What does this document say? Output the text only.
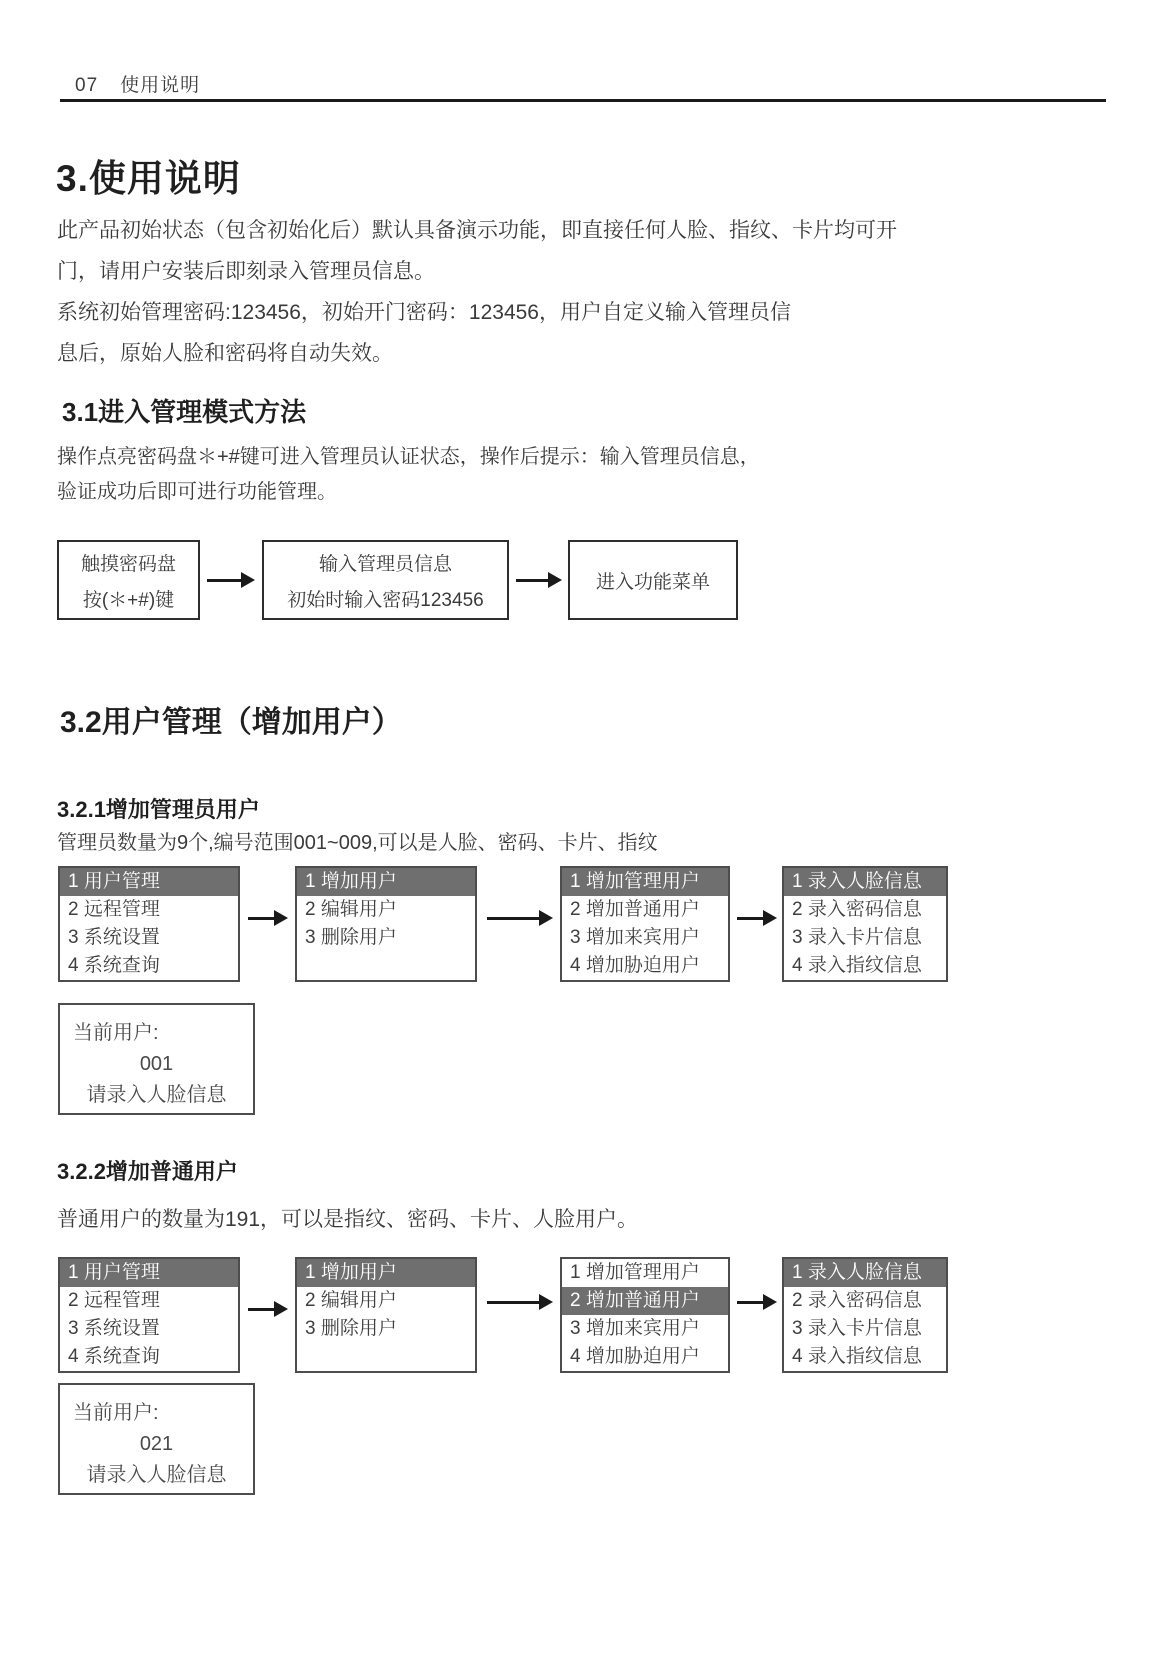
07 使用说明
3.使用说明
此产品初始状态（包含初始化后）默认具备演示功能，即直接任何人脸、指纹、卡片均可开
门，请用户安装后即刻录入管理员信息。
系统初始管理密码:123456，初始开门密码：123456，用户自定义输入管理员信
息后，原始人脸和密码将自动失效。
3.1进入管理模式方法
操作点亮密码盘＊+#键可进入管理员认证状态，操作后提示：输入管理员信息，
验证成功后即可进行功能管理。
触摸密码盘
按(＊+#)键
输入管理员信息
初始时输入密码123456
进入功能菜单
3.2用户管理（增加用户）
3.2.1增加管理员用户
管理员数量为9个,编号范围001~009,可以是人脸、密码、卡片、指纹
1 用户管理
2 远程管理
3 系统设置
4 系统查询
1 增加用户
2 编辑用户
3 删除用户
1 增加管理用户
2 增加普通用户
3 增加来宾用户
4 增加胁迫用户
1 录入人脸信息
2 录入密码信息
3 录入卡片信息
4 录入指纹信息
当前用户:
001
请录入人脸信息
3.2.2增加普通用户
普通用户的数量为191，可以是指纹、密码、卡片、人脸用户。
1 用户管理
2 远程管理
3 系统设置
4 系统查询
1 增加用户
2 编辑用户
3 删除用户
1 增加管理用户
2 增加普通用户
3 增加来宾用户
4 增加胁迫用户
1 录入人脸信息
2 录入密码信息
3 录入卡片信息
4 录入指纹信息
当前用户:
021
请录入人脸信息
